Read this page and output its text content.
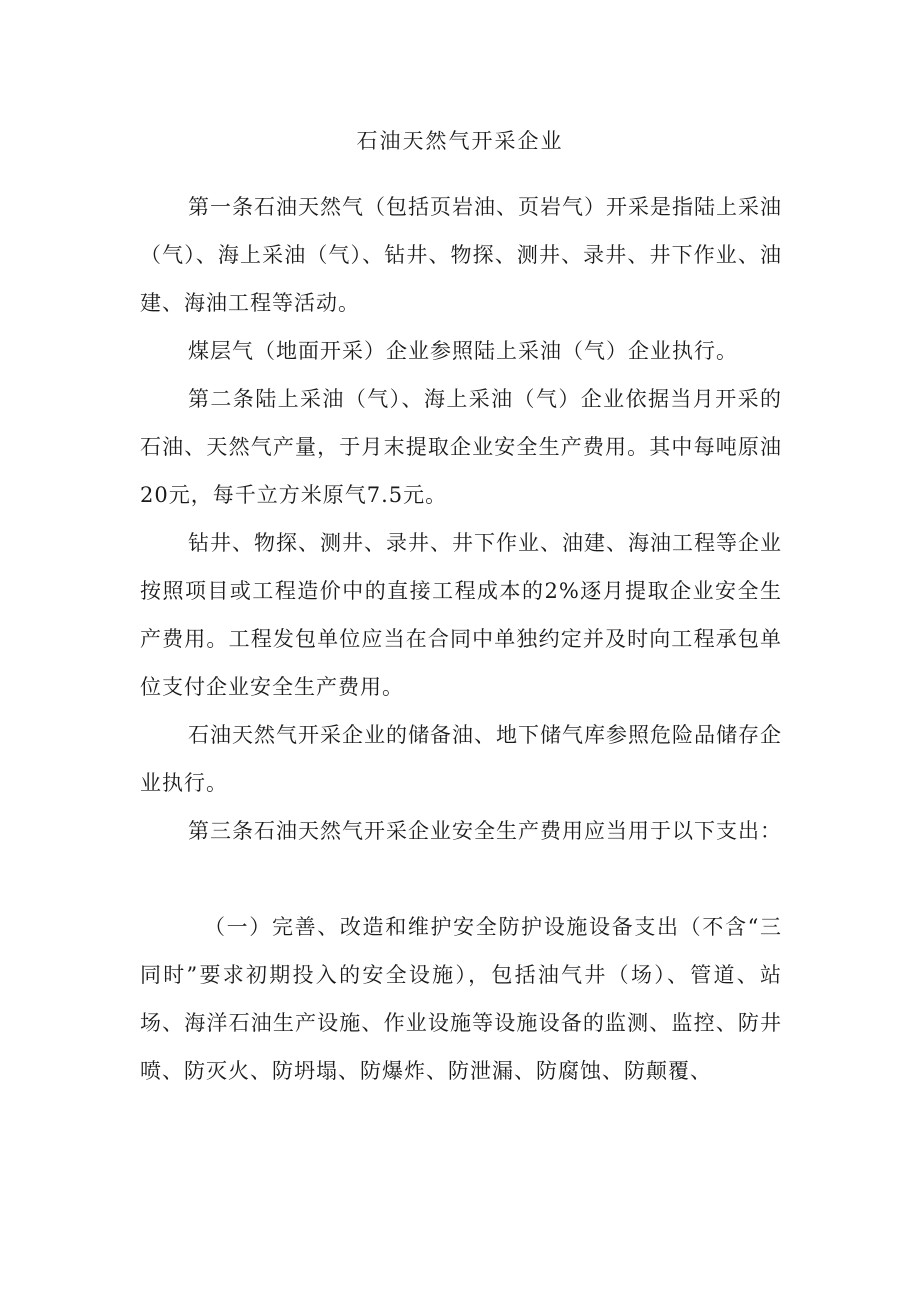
石油天然气开采企业
第一条石油天然气（包括页岩油、页岩气）开采是指陆上采油（气）、海上采油（气）、钻井、物探、测井、录井、井下作业、油建、海油工程等活动。
煤层气（地面开采）企业参照陆上采油（气）企业执行。
第二条陆上采油（气）、海上采油（气）企业依据当月开采的石油、天然气产量，于月末提取企业安全生产费用。其中每吨原油20元，每千立方米原气7.5元。
钻井、物探、测井、录井、井下作业、油建、海油工程等企业按照项目或工程造价中的直接工程成本的2%逐月提取企业安全生产费用。工程发包单位应当在合同中单独约定并及时向工程承包单位支付企业安全生产费用。
石油天然气开采企业的储备油、地下储气库参照危险品储存企业执行。
第三条石油天然气开采企业安全生产费用应当用于以下支出：
（一）完善、改造和维护安全防护设施设备支出（不含“三同时”要求初期投入的安全设施），包括油气井（场）、管道、站场、海洋石油生产设施、作业设施等设施设备的监测、监控、防井喷、防灭火、防坍塌、防爆炸、防泄漏、防腐蚀、防颠覆、
